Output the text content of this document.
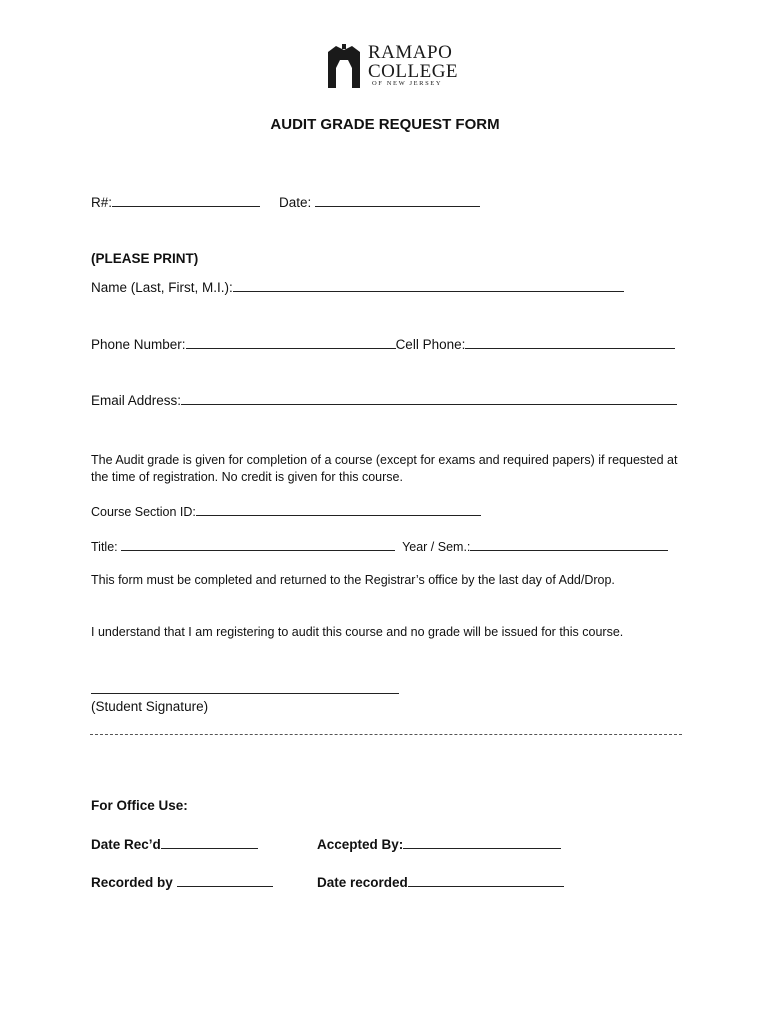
RAMAPO
COLLEGE
OF NEW JERSEY
AUDIT GRADE REQUEST FORM
R#:	Date:
(PLEASE PRINT)
Name (Last, First, M.I.):
Phone Number:	Cell Phone:
Email Address:
The Audit grade is given for completion of a course (except for exams and required papers) if requested at the time of registration. No credit is given for this course.
Course Section ID:
Title:	Year / Sem.:
This form must be completed and returned to the Registrar’s office by the last day of Add/Drop.
I understand that I am registering to audit this course and no grade will be issued for this course.
(Student Signature)
For Office Use:
Date Rec’d	Accepted By:
Recorded by	Date recorded
